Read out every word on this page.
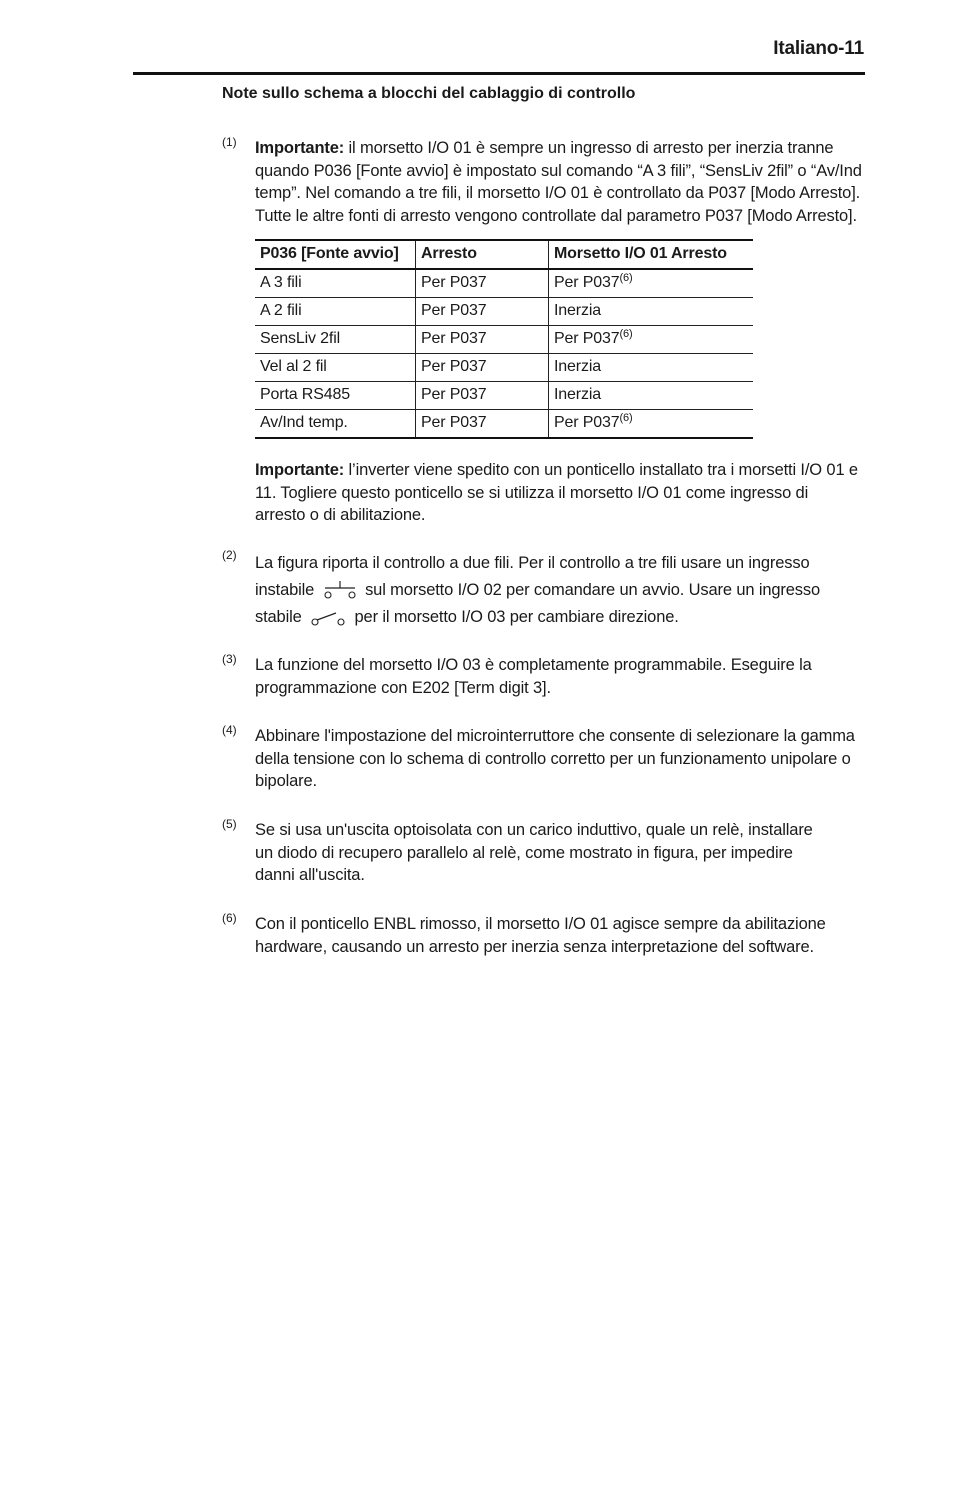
Italiano-11
Note sullo schema a blocchi del cablaggio di controllo
(1) Importante: il morsetto I/O 01 è sempre un ingresso di arresto per inerzia tranne quando P036 [Fonte avvio] è impostato sul comando “A 3 fili”, “SensLiv 2fil” o “Av/Ind temp”. Nel comando a tre fili, il morsetto I/O 01 è controllato da P037 [Modo Arresto]. Tutte le altre fonti di arresto vengono controllate dal parametro P037 [Modo Arresto].
P036 [Fonte avvio]	Arresto	Morsetto I/O 01 Arresto
A 3 fili	Per P037	Per P037$^{(6)}$
A 2 fili	Per P037	Inerzia
SensLiv 2fil	Per P037	Per P037$^{(6)}$
Vel al 2 fil	Per P037	Inerzia
Porta RS485	Per P037	Inerzia
Av/Ind temp.	Per P037	Per P037$^{(6)}$
Importante: l’inverter viene spedito con un ponticello installato tra i morsetti I/O 01 e 11. Togliere questo ponticello se si utilizza il morsetto I/O 01 come ingresso di arresto o di abilitazione.
(2) La figura riporta il controllo a due fili. Per il controllo a tre fili usare un ingresso instabile	sul morsetto I/O 02 per comandare un avvio. Usare un ingresso stabile	per il morsetto I/O 03 per cambiare direzione.
(3) La funzione del morsetto I/O 03 è completamente programmabile. Eseguire la programmazione con E202 [Term digit 3].
(4) Abbinare l'impostazione del microinterruttore che consente di selezionare la gamma della tensione con lo schema di controllo corretto per un funzionamento unipolare o bipolare.
(5) Se si usa un'uscita optoisolata con un carico induttivo, quale un relè, installare un diodo di recupero parallelo al relè, come mostrato in figura, per impedire danni all'uscita.
(6) Con il ponticello ENBL rimosso, il morsetto I/O 01 agisce sempre da abilitazione hardware, causando un arresto per inerzia senza interpretazione del software.
